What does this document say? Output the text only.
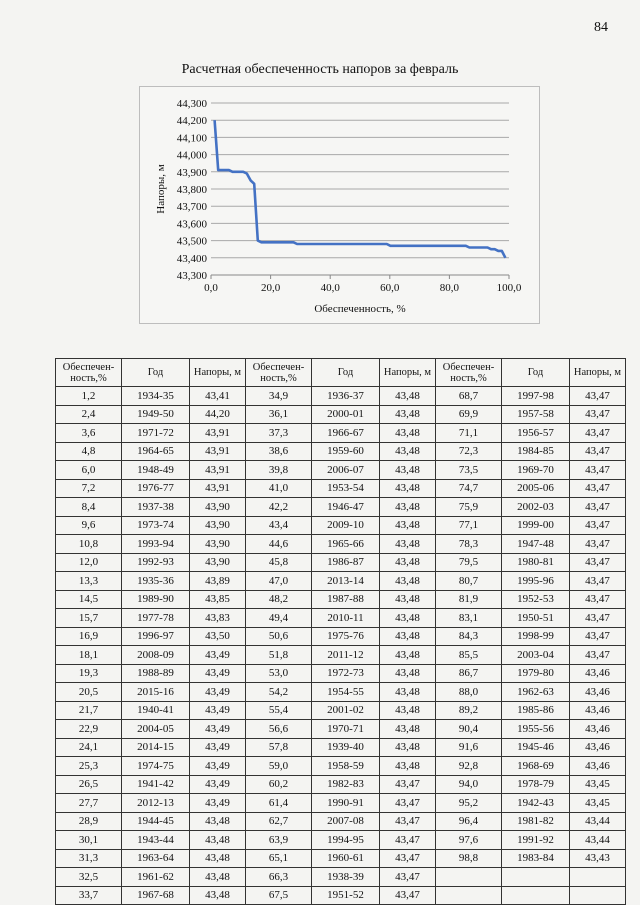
84
Расчетная обеспеченность напоров за февраль
43,300
43,400
43,500
43,600
43,700
43,800
43,900
44,000
44,100
44,200
44,300
0,0	20,0	40,0	60,0	80,0	100,0
Обеспеченность, %
Напоры, м
Обеспечен-ность,%	Год	Напоры, м	Обеспечен-ность,%	Год	Напоры, м	Обеспечен-ность,%	Год	Напоры, м
1,2	1934-35	43,41	34,9	1936-37	43,48	68,7	1997-98	43,47
2,4	1949-50	44,20	36,1	2000-01	43,48	69,9	1957-58	43,47
3,6	1971-72	43,91	37,3	1966-67	43,48	71,1	1956-57	43,47
4,8	1964-65	43,91	38,6	1959-60	43,48	72,3	1984-85	43,47
6,0	1948-49	43,91	39,8	2006-07	43,48	73,5	1969-70	43,47
7,2	1976-77	43,91	41,0	1953-54	43,48	74,7	2005-06	43,47
8,4	1937-38	43,90	42,2	1946-47	43,48	75,9	2002-03	43,47
9,6	1973-74	43,90	43,4	2009-10	43,48	77,1	1999-00	43,47
10,8	1993-94	43,90	44,6	1965-66	43,48	78,3	1947-48	43,47
12,0	1992-93	43,90	45,8	1986-87	43,48	79,5	1980-81	43,47
13,3	1935-36	43,89	47,0	2013-14	43,48	80,7	1995-96	43,47
14,5	1989-90	43,85	48,2	1987-88	43,48	81,9	1952-53	43,47
15,7	1977-78	43,83	49,4	2010-11	43,48	83,1	1950-51	43,47
16,9	1996-97	43,50	50,6	1975-76	43,48	84,3	1998-99	43,47
18,1	2008-09	43,49	51,8	2011-12	43,48	85,5	2003-04	43,47
19,3	1988-89	43,49	53,0	1972-73	43,48	86,7	1979-80	43,46
20,5	2015-16	43,49	54,2	1954-55	43,48	88,0	1962-63	43,46
21,7	1940-41	43,49	55,4	2001-02	43,48	89,2	1985-86	43,46
22,9	2004-05	43,49	56,6	1970-71	43,48	90,4	1955-56	43,46
24,1	2014-15	43,49	57,8	1939-40	43,48	91,6	1945-46	43,46
25,3	1974-75	43,49	59,0	1958-59	43,48	92,8	1968-69	43,46
26,5	1941-42	43,49	60,2	1982-83	43,47	94,0	1978-79	43,45
27,7	2012-13	43,49	61,4	1990-91	43,47	95,2	1942-43	43,45
28,9	1944-45	43,48	62,7	2007-08	43,47	96,4	1981-82	43,44
30,1	1943-44	43,48	63,9	1994-95	43,47	97,6	1991-92	43,44
31,3	1963-64	43,48	65,1	1960-61	43,47	98,8	1983-84	43,43
32,5	1961-62	43,48	66,3	1938-39	43,47			
33,7	1967-68	43,48	67,5	1951-52	43,47			
